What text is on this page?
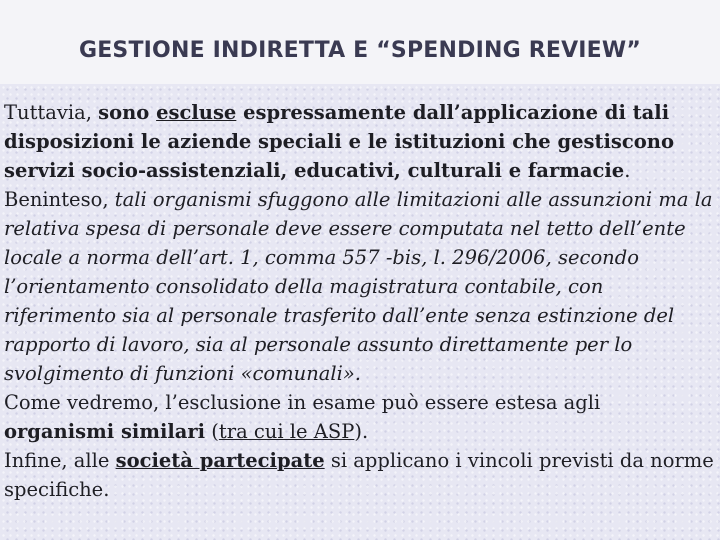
GESTIONE INDIRETTA E “SPENDING REVIEW”

Tuttavia, sono escluse espressamente dall’applicazione di tali disposizioni le aziende speciali e le istituzioni che gestiscono servizi socio-assistenziali, educativi, culturali e farmacie. Beninteso, tali organismi sfuggono alle limitazioni alle assunzioni ma la relativa spesa di personale deve essere computata nel tetto dell’ente locale a norma dell’art. 1, comma 557 -bis, l. 296/2006, secondo l’orientamento consolidato della magistratura contabile, con riferimento sia al personale trasferito dall’ente senza estinzione del rapporto di lavoro, sia al personale assunto direttamente per lo svolgimento di funzioni «comunali».

Come vedremo, l’esclusione in esame può essere estesa agli organismi similari (tra cui le ASP).

Infine, alle società partecipate si applicano i vincoli previsti da norme specifiche.
